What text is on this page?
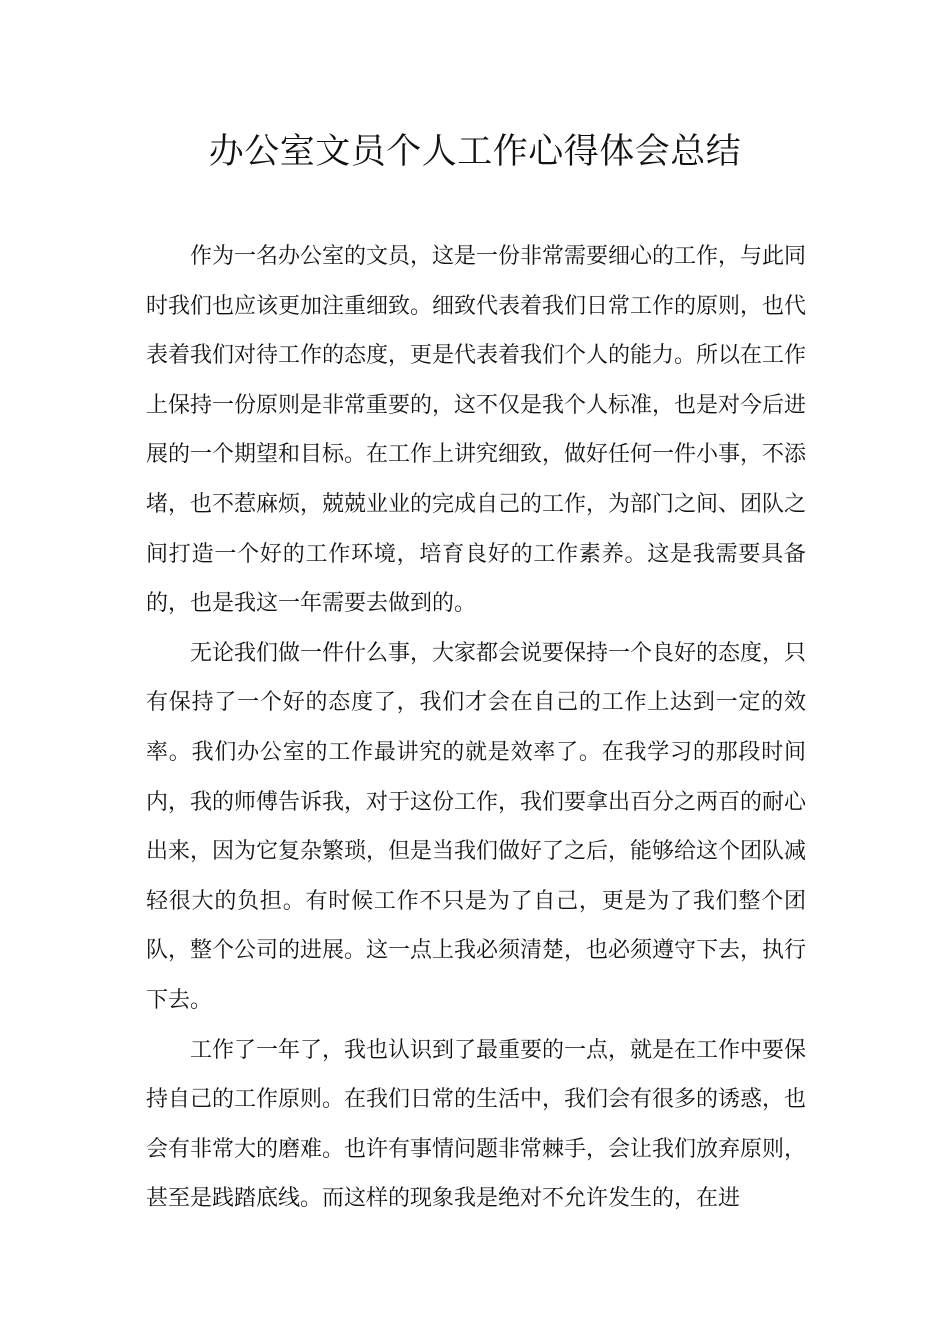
办公室文员个人工作心得体会总结

作为一名办公室的文员，这是一份非常需要细心的工作，与此同时我们也应该更加注重细致。细致代表着我们日常工作的原则，也代表着我们对待工作的态度，更是代表着我们个人的能力。所以在工作上保持一份原则是非常重要的，这不仅是我个人标准，也是对今后进展的一个期望和目标。在工作上讲究细致，做好任何一件小事，不添堵，也不惹麻烦，兢兢业业的完成自己的工作，为部门之间、团队之间打造一个好的工作环境，培育良好的工作素养。这是我需要具备的，也是我这一年需要去做到的。

无论我们做一件什么事，大家都会说要保持一个良好的态度，只有保持了一个好的态度了，我们才会在自己的工作上达到一定的效率。我们办公室的工作最讲究的就是效率了。在我学习的那段时间内，我的师傅告诉我，对于这份工作，我们要拿出百分之两百的耐心出来，因为它复杂繁琐，但是当我们做好了之后，能够给这个团队减轻很大的负担。有时候工作不只是为了自己，更是为了我们整个团队，整个公司的进展。这一点上我必须清楚，也必须遵守下去，执行下去。

工作了一年了，我也认识到了最重要的一点，就是在工作中要保持自己的工作原则。在我们日常的生活中，我们会有很多的诱惑，也会有非常大的磨难。也许有事情问题非常棘手，会让我们放弃原则，甚至是践踏底线。而这样的现象我是绝对不允许发生的，在进
